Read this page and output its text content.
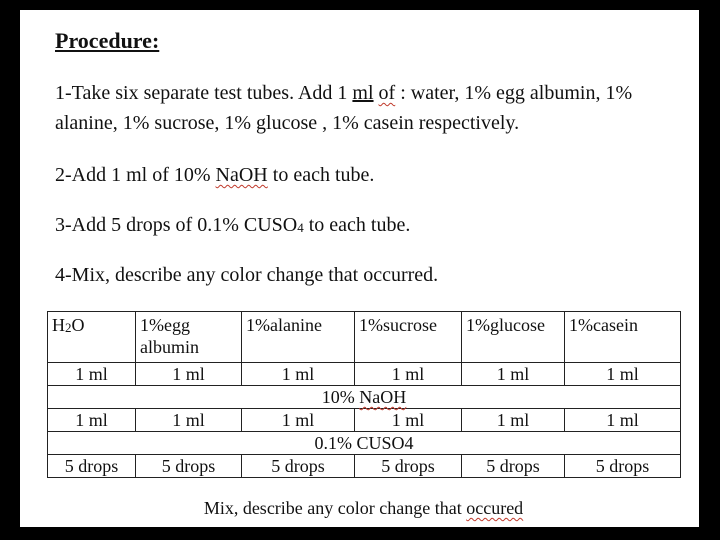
Procedure:
1-Take six separate test tubes. Add 1 ml of : water, 1% egg albumin, 1% alanine, 1% sucrose, 1% glucose , 1% casein respectively.
2-Add 1 ml of 10% NaOH to each tube.
3-Add 5 drops of 0.1% $CUSO_4$ to each tube.
4-Mix, describe any color change that occurred.
$H_2O$	1%egg albumin	1%alanine	1%sucrose	1%glucose	1%casein
1 ml	1 ml	1 ml	1 ml	1 ml	1 ml
10% NaOH					
1 ml	1 ml	1 ml	1 ml	1 ml	1 ml
0.1% CUSO4					
5 drops	5 drops	5 drops	5 drops	5 drops	5 drops
Mix, describe any color change that occured
